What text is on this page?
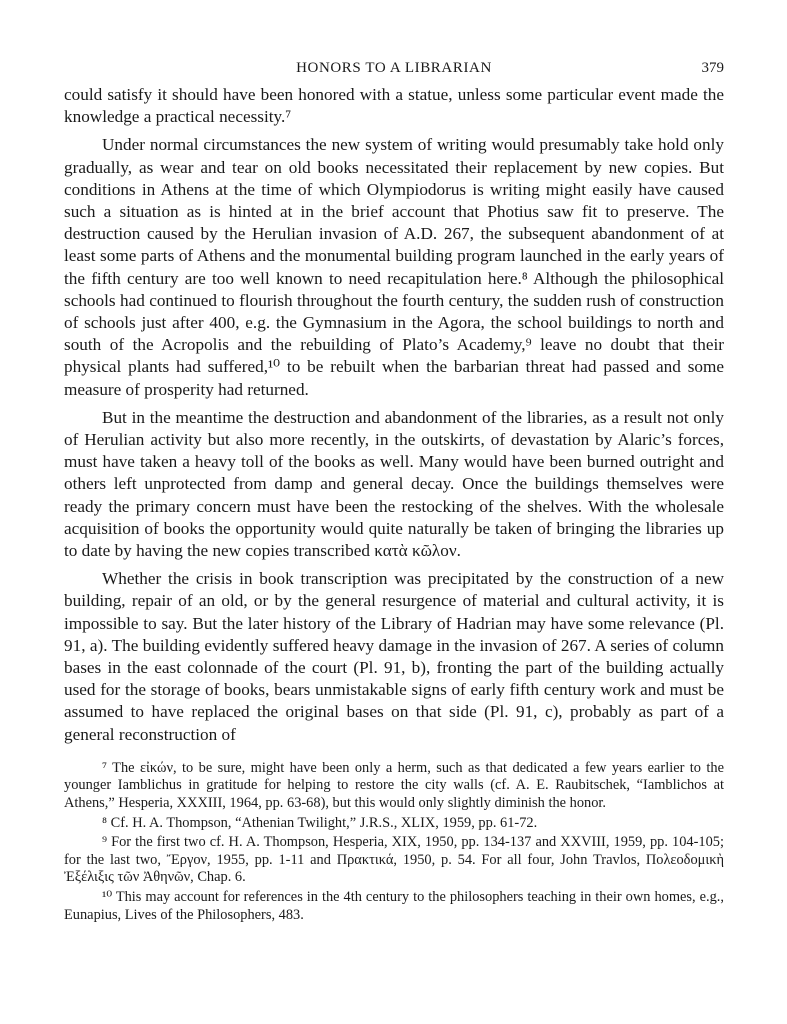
HONORS TO A LIBRARIAN	379

could satisfy it should have been honored with a statue, unless some particular event made the knowledge a practical necessity.⁷

Under normal circumstances the new system of writing would presumably take hold only gradually, as wear and tear on old books necessitated their replacement by new copies. But conditions in Athens at the time of which Olympiodorus is writing might easily have caused such a situation as is hinted at in the brief account that Photius saw fit to preserve. The destruction caused by the Herulian invasion of A.D. 267, the subsequent abandonment of at least some parts of Athens and the monumental building program launched in the early years of the fifth century are too well known to need recapitulation here.⁸ Although the philosophical schools had continued to flourish throughout the fourth century, the sudden rush of construction of schools just after 400, e.g. the Gymnasium in the Agora, the school buildings to north and south of the Acropolis and the rebuilding of Plato’s Academy,⁹ leave no doubt that their physical plants had suffered,¹⁰ to be rebuilt when the barbarian threat had passed and some measure of prosperity had returned.

But in the meantime the destruction and abandonment of the libraries, as a result not only of Herulian activity but also more recently, in the outskirts, of devastation by Alaric’s forces, must have taken a heavy toll of the books as well. Many would have been burned outright and others left unprotected from damp and general decay. Once the buildings themselves were ready the primary concern must have been the restocking of the shelves. With the wholesale acquisition of books the opportunity would quite naturally be taken of bringing the libraries up to date by having the new copies transcribed κατὰ κῶλον.

Whether the crisis in book transcription was precipitated by the construction of a new building, repair of an old, or by the general resurgence of material and cultural activity, it is impossible to say. But the later history of the Library of Hadrian may have some relevance (Pl. 91, a). The building evidently suffered heavy damage in the invasion of 267. A series of column bases in the east colonnade of the court (Pl. 91, b), fronting the part of the building actually used for the storage of books, bears unmistakable signs of early fifth century work and must be assumed to have replaced the original bases on that side (Pl. 91, c), probably as part of a general reconstruction of

⁷ The εἰκών, to be sure, might have been only a herm, such as that dedicated a few years earlier to the younger Iamblichus in gratitude for helping to restore the city walls (cf. A. E. Raubitschek, “Iamblichos at Athens,” Hesperia, XXXIII, 1964, pp. 63-68), but this would only slightly diminish the honor.

⁸ Cf. H. A. Thompson, “Athenian Twilight,” J.R.S., XLIX, 1959, pp. 61-72.

⁹ For the first two cf. H. A. Thompson, Hesperia, XIX, 1950, pp. 134-137 and XXVIII, 1959, pp. 104-105; for the last two, Ἔργον, 1955, pp. 1-11 and Πρακτικά, 1950, p. 54. For all four, John Travlos, Πολεοδομικὴ Ἐξέλιξις τῶν Ἀθηνῶν, Chap. 6.

¹⁰ This may account for references in the 4th century to the philosophers teaching in their own homes, e.g., Eunapius, Lives of the Philosophers, 483.
